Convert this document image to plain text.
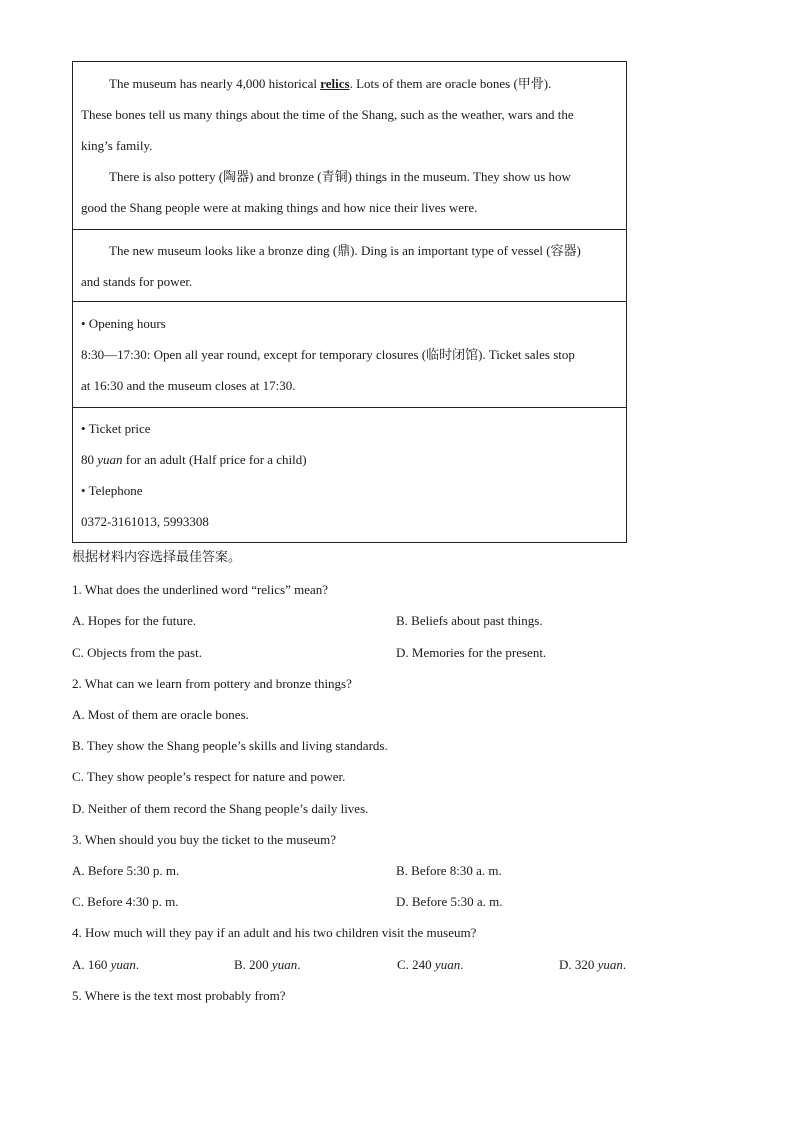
The museum has nearly 4,000 historical relics. Lots of them are oracle bones (甲骨).
These bones tell us many things about the time of the Shang, such as the weather, wars and the
king’s family.
There is also pottery (陶器) and bronze (青铜) things in the museum. They show us how
good the Shang people were at making things and how nice their lives were.
The new museum looks like a bronze ding (鼎). Ding is an important type of vessel (容器)
and stands for power.
• Opening hours
8:30—17:30: Open all year round, except for temporary closures (临时闭馆). Ticket sales stop
at 16:30 and the museum closes at 17:30.
• Ticket price
80 yuan for an adult (Half price for a child)
• Telephone
0372-3161013, 5993308
根据材料内容选择最佳答案。
1. What does the underlined word “relics” mean?
A. Hopes for the future.	B. Beliefs about past things.
C. Objects from the past.	D. Memories for the present.
2. What can we learn from pottery and bronze things?
A. Most of them are oracle bones.
B. They show the Shang people’s skills and living standards.
C. They show people’s respect for nature and power.
D. Neither of them record the Shang people’s daily lives.
3. When should you buy the ticket to the museum?
A. Before 5:30 p. m.	B. Before 8:30 a. m.
C. Before 4:30 p. m.	D. Before 5:30 a. m.
4. How much will they pay if an adult and his two children visit the museum?
A. 160 yuan.	B. 200 yuan.	C. 240 yuan.	D. 320 yuan.
5. Where is the text most probably from?
